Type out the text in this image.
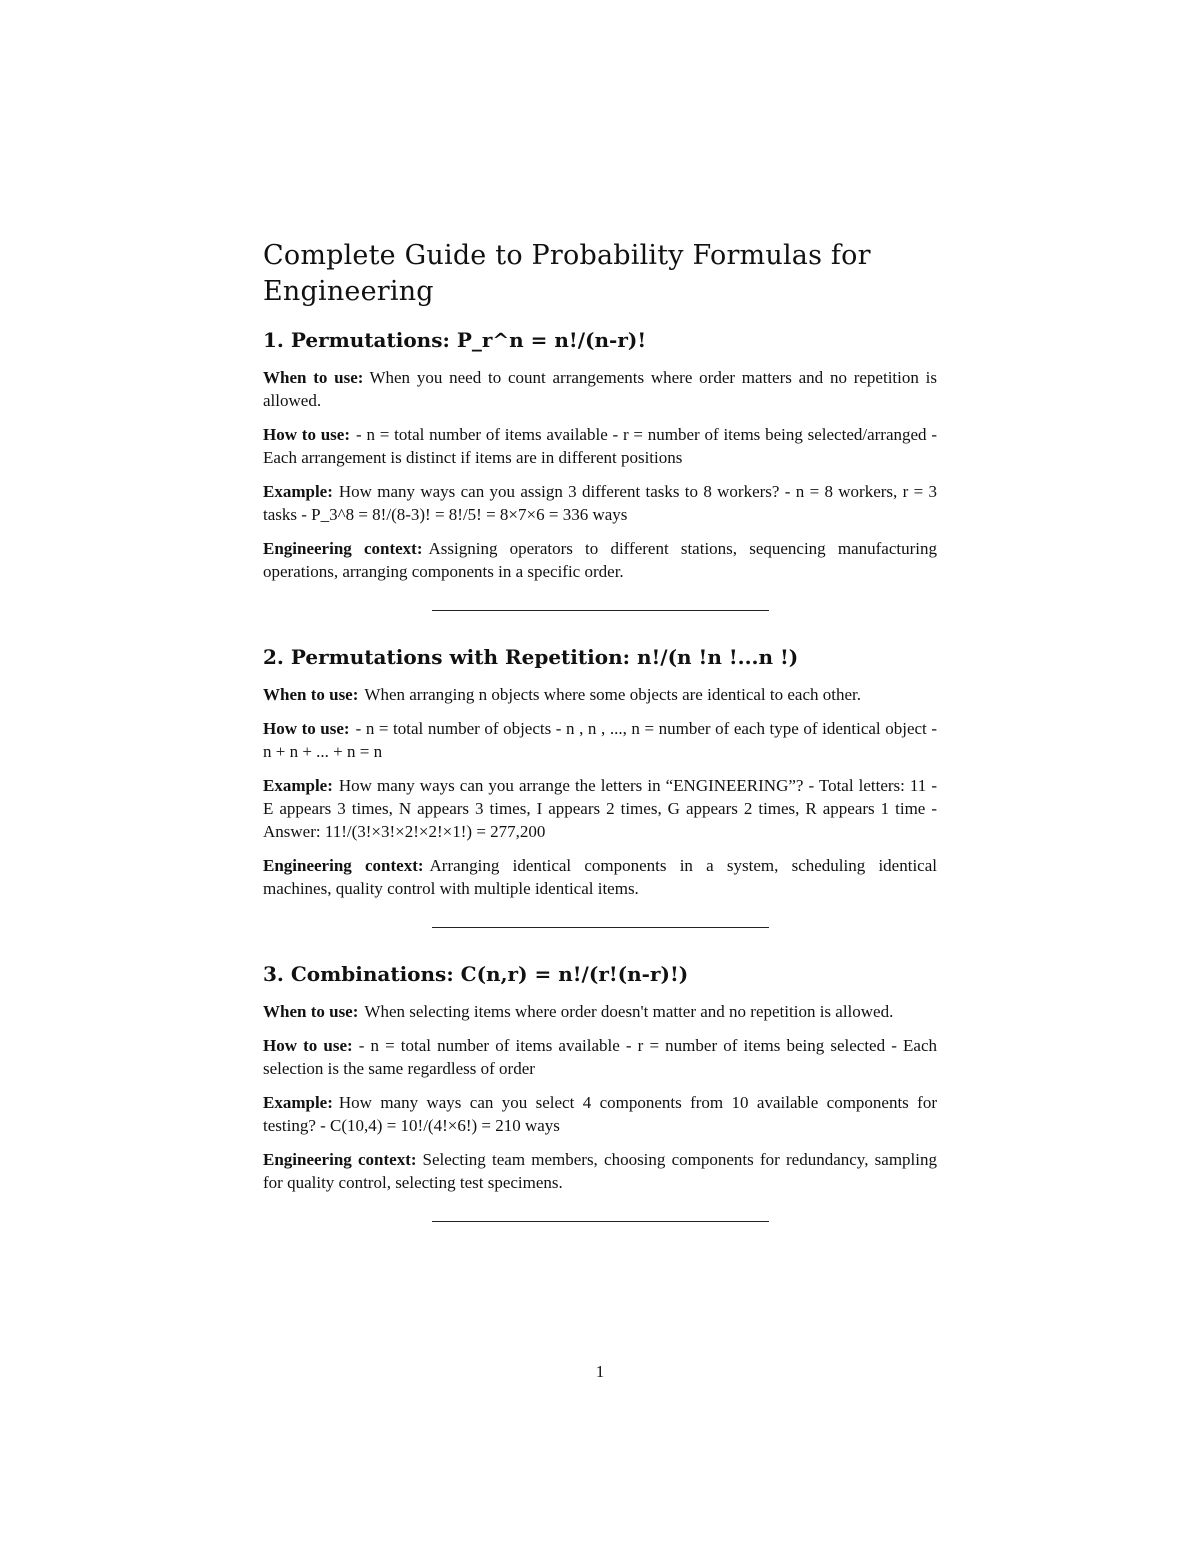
Complete Guide to Probability Formulas for Engineering
1. Permutations: P_r^n = n!/(n-r)!

When to use: When you need to count arrangements where order matters and no repetition is allowed.

How to use: - n = total number of items available - r = number of items being selected/arranged - Each arrangement is distinct if items are in different positions

Example: How many ways can you assign 3 different tasks to 8 workers? - n = 8 workers, r = 3 tasks - P_3^8 = 8!/(8-3)! = 8!/5! = 8×7×6 = 336 ways

Engineering context: Assigning operators to different stations, sequencing manufacturing operations, arranging components in a specific order.

2. Permutations with Repetition: n!/(n !n !...n !)

When to use: When arranging n objects where some objects are identical to each other.

How to use: - n = total number of objects - n , n , ..., n = number of each type of identical object - n + n + ... + n = n

Example: How many ways can you arrange the letters in “ENGINEERING”? - Total letters: 11 - E appears 3 times, N appears 3 times, I appears 2 times, G appears 2 times, R appears 1 time - Answer: 11!/(3!×3!×2!×2!×1!) = 277,200

Engineering context: Arranging identical components in a system, scheduling identical machines, quality control with multiple identical items.

3. Combinations: C(n,r) = n!/(r!(n-r)!)

When to use: When selecting items where order doesn't matter and no repetition is allowed.

How to use: - n = total number of items available - r = number of items being selected - Each selection is the same regardless of order

Example: How many ways can you select 4 components from 10 available components for testing? - C(10,4) = 10!/(4!×6!) = 210 ways

Engineering context: Selecting team members, choosing components for redundancy, sampling for quality control, selecting test specimens.

1
